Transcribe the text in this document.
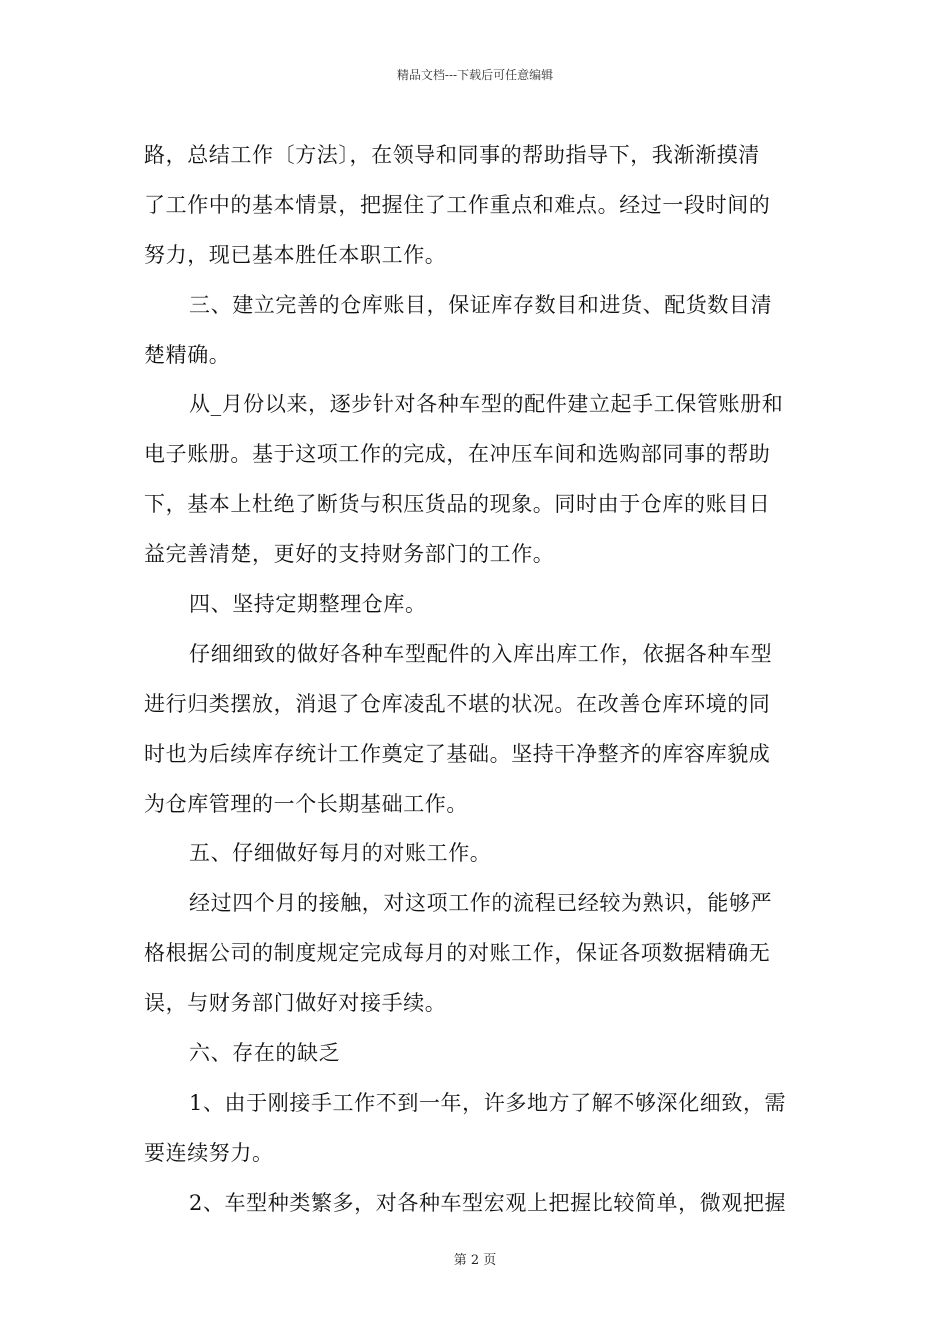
精品文档---下载后可任意编辑
路，总结工作〔方法〕，在领导和同事的帮助指导下，我渐渐摸清
了工作中的基本情景，把握住了工作重点和难点。经过一段时间的
努力，现已基本胜任本职工作。
三、建立完善的仓库账目，保证库存数目和进货、配货数目清
楚精确。
从_月份以来，逐步针对各种车型的配件建立起手工保管账册和
电子账册。基于这项工作的完成，在冲压车间和选购部同事的帮助
下，基本上杜绝了断货与积压货品的现象。同时由于仓库的账目日
益完善清楚，更好的支持财务部门的工作。
四、坚持定期整理仓库。
仔细细致的做好各种车型配件的入库出库工作，依据各种车型
进行归类摆放，消退了仓库凌乱不堪的状况。在改善仓库环境的同
时也为后续库存统计工作奠定了基础。坚持干净整齐的库容库貌成
为仓库管理的一个长期基础工作。
五、仔细做好每月的对账工作。
经过四个月的接触，对这项工作的流程已经较为熟识，能够严
格根据公司的制度规定完成每月的对账工作，保证各项数据精确无
误，与财务部门做好对接手续。
六、存在的缺乏
1、由于刚接手工作不到一年，许多地方了解不够深化细致，需
要连续努力。
2、车型种类繁多，对各种车型宏观上把握比较简单，微观把握
第 2 页
